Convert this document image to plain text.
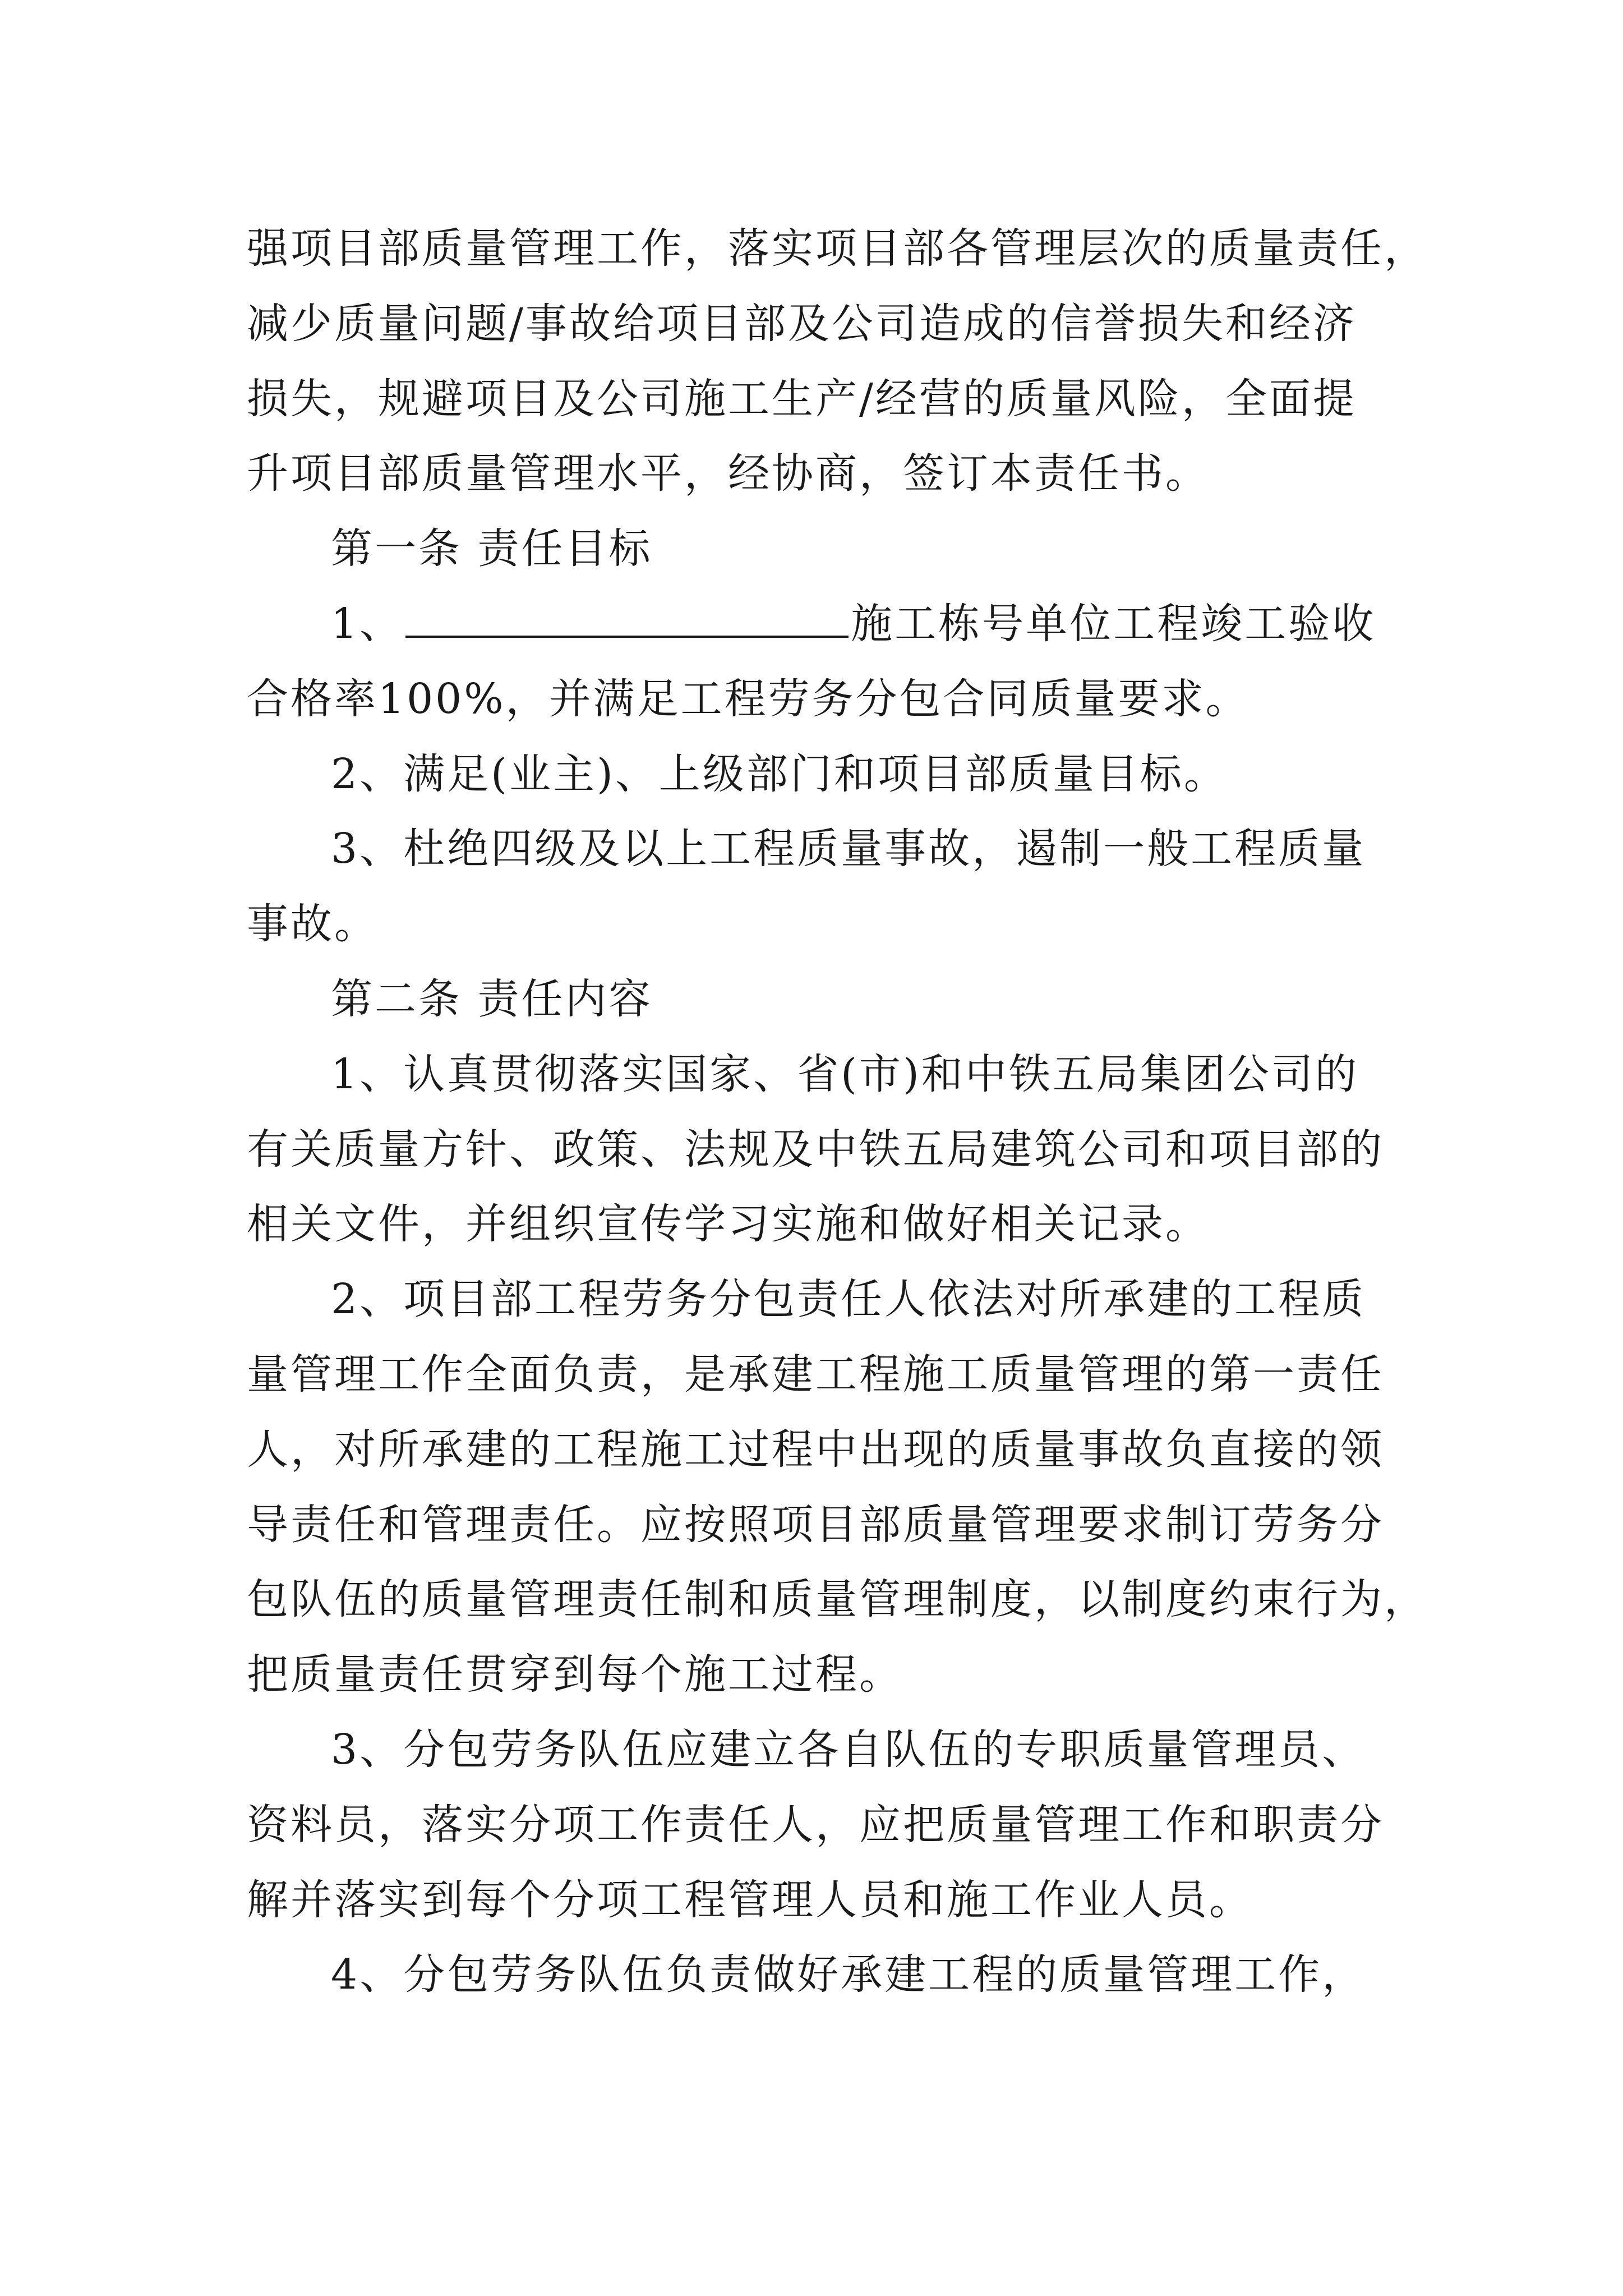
强项目部质量管理工作，落实项目部各管理层次的质量责任，
减少质量问题/事故给项目部及公司造成的信誉损失和经济
损失，规避项目及公司施工生产/经营的质量风险，全面提
升项目部质量管理水平，经协商，签订本责任书。
第一条 责任目标
1、	施工栋号单位工程竣工验收
合格率100%，并满足工程劳务分包合同质量要求。
2、满足(业主)、上级部门和项目部质量目标。
3、杜绝四级及以上工程质量事故，遏制一般工程质量
事故。
第二条 责任内容
1、认真贯彻落实国家、省(市)和中铁五局集团公司的
有关质量方针、政策、法规及中铁五局建筑公司和项目部的
相关文件，并组织宣传学习实施和做好相关记录。
2、项目部工程劳务分包责任人依法对所承建的工程质
量管理工作全面负责，是承建工程施工质量管理的第一责任
人，对所承建的工程施工过程中出现的质量事故负直接的领
导责任和管理责任。应按照项目部质量管理要求制订劳务分
包队伍的质量管理责任制和质量管理制度，以制度约束行为，
把质量责任贯穿到每个施工过程。
3、分包劳务队伍应建立各自队伍的专职质量管理员、
资料员，落实分项工作责任人，应把质量管理工作和职责分
解并落实到每个分项工程管理人员和施工作业人员。
4、分包劳务队伍负责做好承建工程的质量管理工作，
